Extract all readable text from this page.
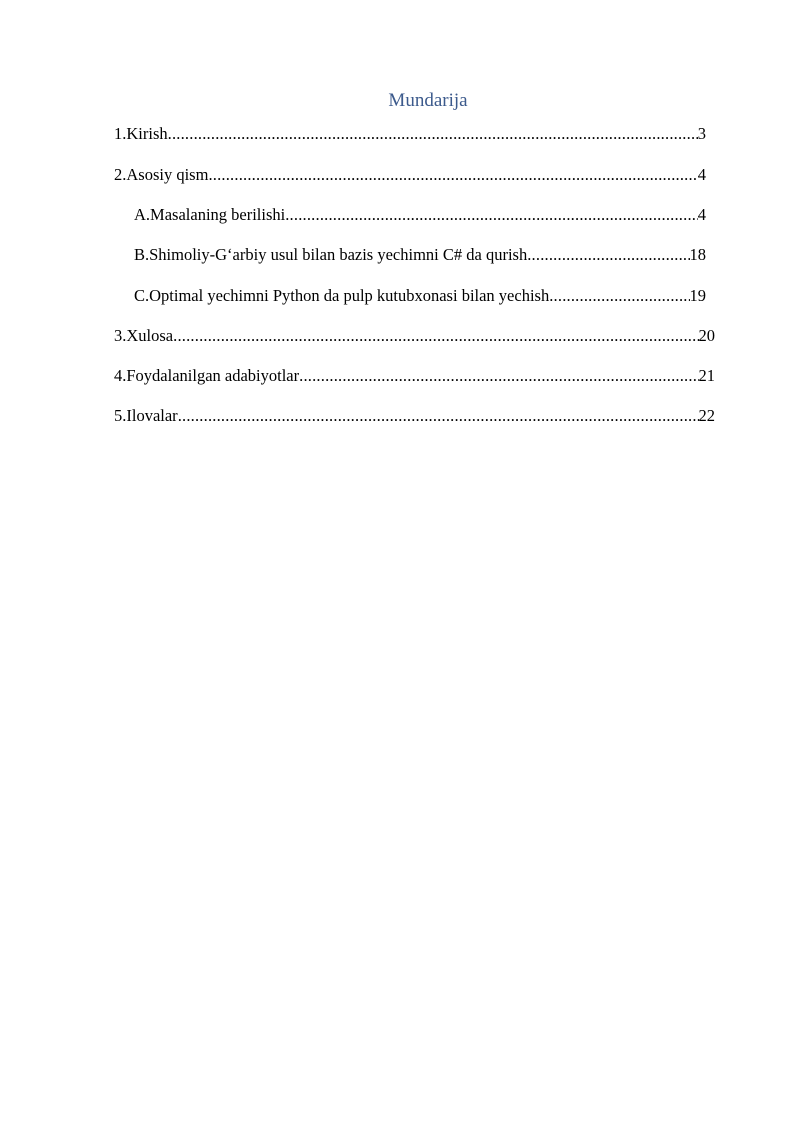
Mundarija
1.Kirish .....	3
2.Asosiy qism .....	4
A.Masalaning berilishi .....	4
B.Shimoliy-G‘arbiy usul bilan bazis yechimni C# da qurish .....	18
C.Optimal yechimni Python da pulp kutubxonasi bilan yechish .....	19
3.Xulosa .....	20
4.Foydalanilgan adabiyotlar .....	21
5.Ilovalar .....	22
